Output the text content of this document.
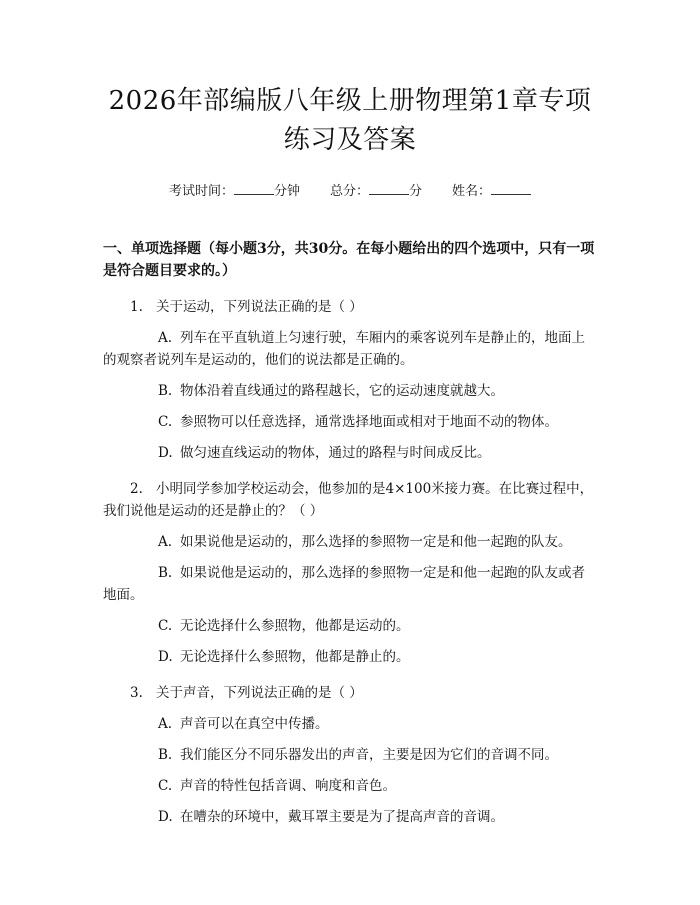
2026年部编版八年级上册物理第1章专项练习及答案
考试时间：	分钟 总分：	分 姓名：
一、单项选择题（每小题3分，共30分。在每小题给出的四个选项中，只有一项是符合题目要求的。）
1. 关于运动，下列说法正确的是（ ）
A. 列车在平直轨道上匀速行驶，车厢内的乘客说列车是静止的，地面上的观察者说列车是运动的，他们的说法都是正确的。
B. 物体沿着直线通过的路程越长，它的运动速度就越大。
C. 参照物可以任意选择，通常选择地面或相对于地面不动的物体。
D. 做匀速直线运动的物体，通过的路程与时间成反比。
2. 小明同学参加学校运动会，他参加的是4×100米接力赛。在比赛过程中，我们说他是运动的还是静止的？（ ）
A. 如果说他是运动的，那么选择的参照物一定是和他一起跑的队友。
B. 如果说他是运动的，那么选择的参照物一定是和他一起跑的队友或者地面。
C. 无论选择什么参照物，他都是运动的。
D. 无论选择什么参照物，他都是静止的。
3. 关于声音，下列说法正确的是（ ）
A. 声音可以在真空中传播。
B. 我们能区分不同乐器发出的声音，主要是因为它们的音调不同。
C. 声音的特性包括音调、响度和音色。
D. 在嘈杂的环境中，戴耳罩主要是为了提高声音的音调。
